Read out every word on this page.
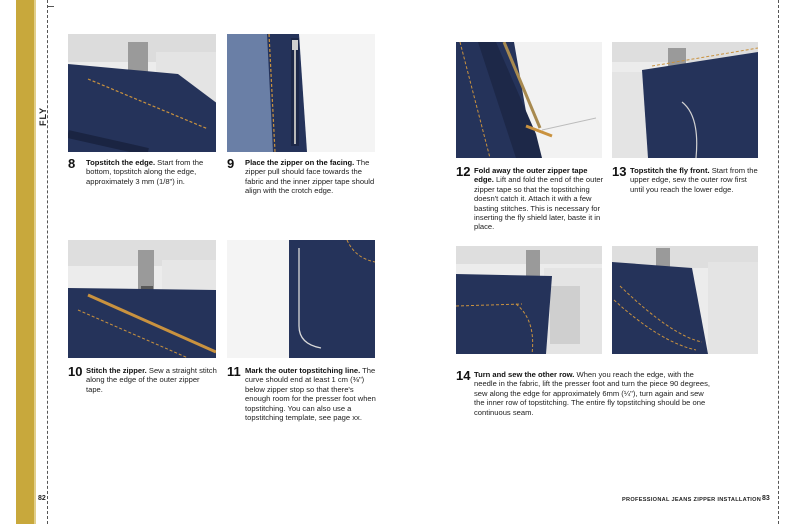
FLY
8 Topstitch the edge. Start from the bottom, topstitch along the edge, approximately 3 mm (1/8") in.
9 Place the zipper on the facing. The zipper pull should face towards the fabric and the inner zipper tape should align with the crotch edge.
10 Stitch the zipper. Sew a straight stitch along the edge of the outer zipper tape.
11 Mark the outer topstitching line. The curve should end at least 1 cm (⅜") below zipper stop so that there's enough room for the presser foot when topstitching. You can also use a topstitching template, see page xx.
12 Fold away the outer zipper tape edge. Lift and fold the end of the outer zipper tape so that the topstitching doesn't catch it. Attach it with a few basting stitches. This is necessary for inserting the fly shield later, baste it in place.
13 Topstitch the fly front. Start from the upper edge, sew the outer row first until you reach the lower edge.
14 Turn and sew the other row. When you reach the edge, with the needle in the fabric, lift the presser foot and turn the piece 90 degrees, sew along the edge for approximately 6mm (¼"), turn again and sew the inner row of topstitching. The entire fly topstitching should be one continuous seam.
82	PROFESSIONAL JEANS ZIPPER INSTALLATION 83
